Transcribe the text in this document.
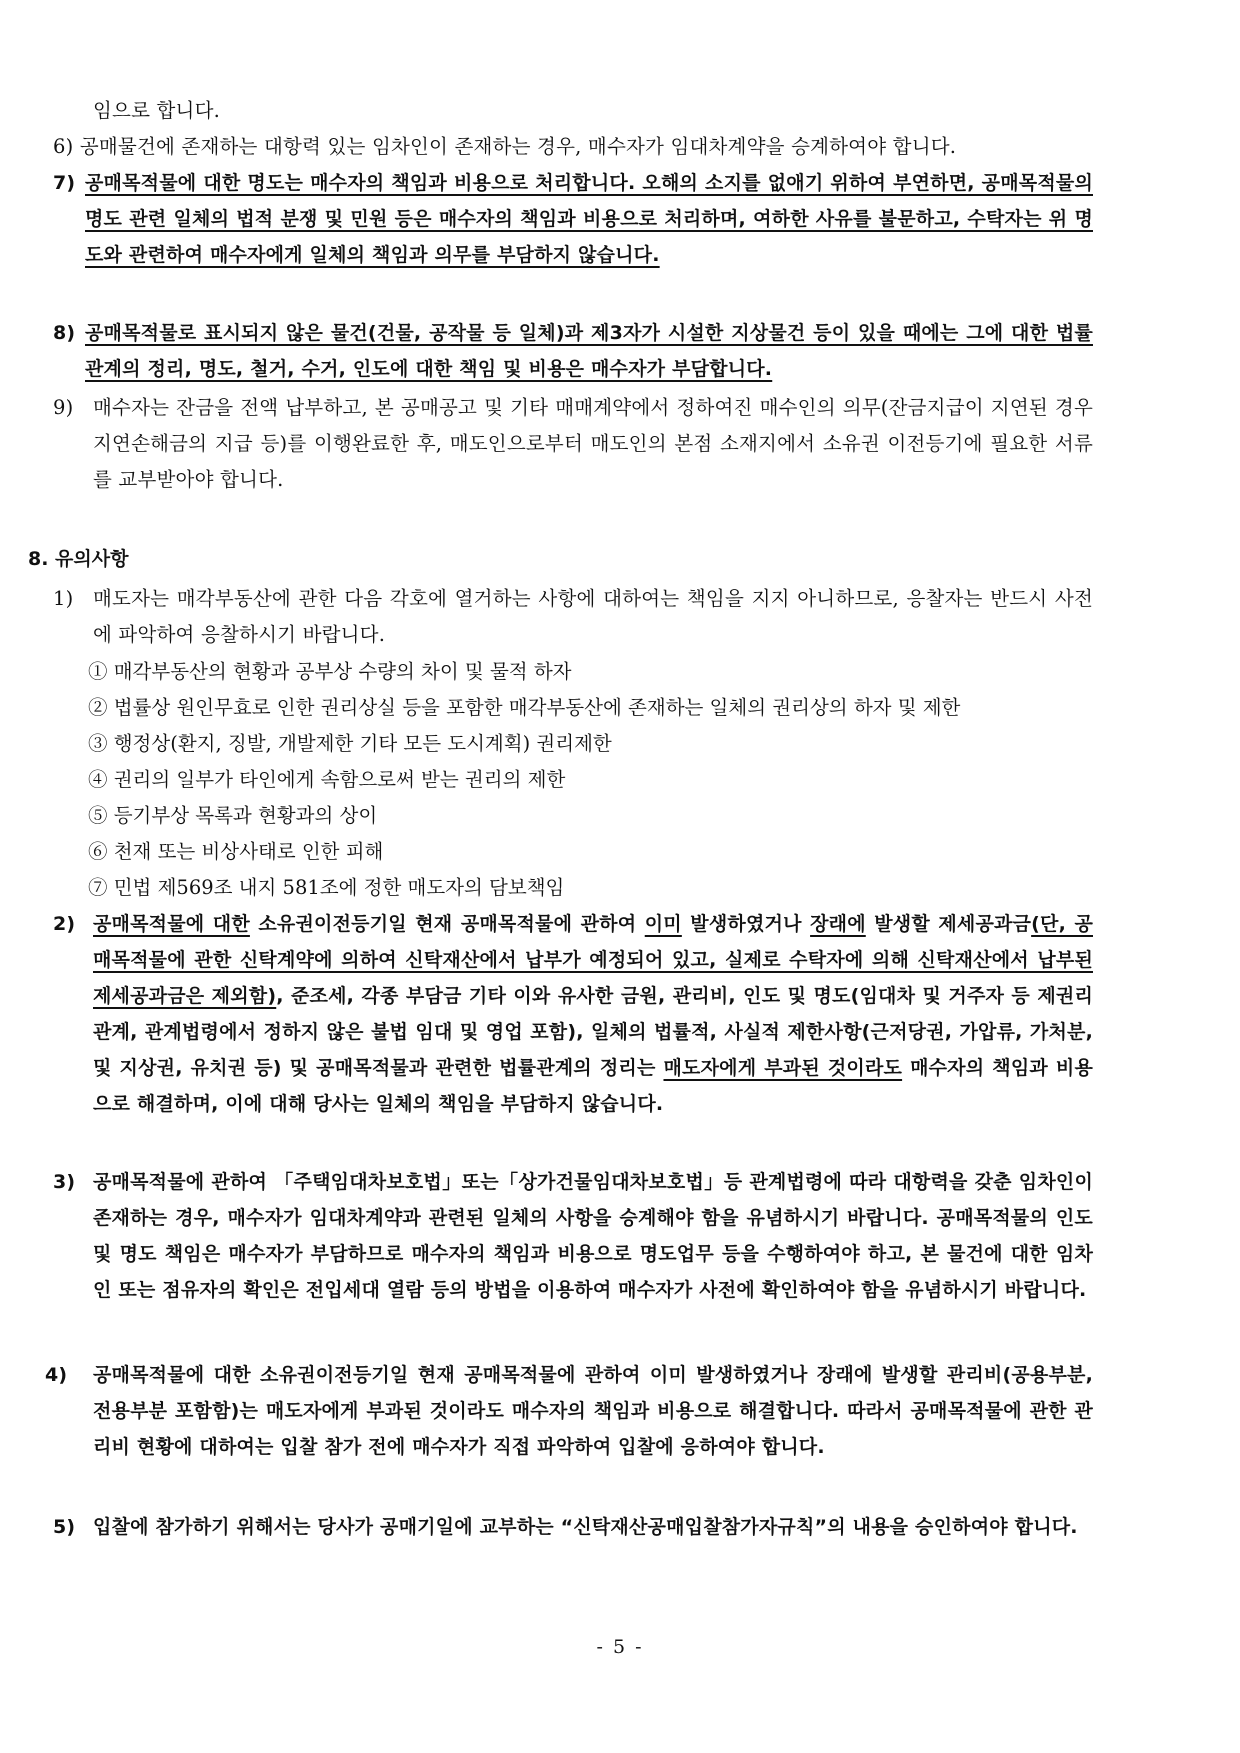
임으로 합니다.
6) 공매물건에 존재하는 대항력 있는 임차인이 존재하는 경우, 매수자가 임대차계약을 승계하여야 합니다.
7) 공매목적물에 대한 명도는 매수자의 책임과 비용으로 처리합니다. 오해의 소지를 없애기 위하여 부연하면, 공매목적물의 명도 관련 일체의 법적 분쟁 및 민원 등은 매수자의 책임과 비용으로 처리하며, 여하한 사유를 불문하고, 수탁자는 위 명도와 관련하여 매수자에게 일체의 책임과 의무를 부담하지 않습니다.
8) 공매목적물로 표시되지 않은 물건(건물, 공작물 등 일체)과 제3자가 시설한 지상물건 등이 있을 때에는 그에 대한 법률관계의 정리, 명도, 철거, 수거, 인도에 대한 책임 및 비용은 매수자가 부담합니다.
9) 매수자는 잔금을 전액 납부하고, 본 공매공고 및 기타 매매계약에서 정하여진 매수인의 의무(잔금지급이 지연된 경우 지연손해금의 지급 등)를 이행완료한 후, 매도인으로부터 매도인의 본점 소재지에서 소유권 이전등기에 필요한 서류를 교부받아야 합니다.
8. 유의사항
1) 매도자는 매각부동산에 관한 다음 각호에 열거하는 사항에 대하여는 책임을 지지 아니하므로, 응찰자는 반드시 사전에 파악하여 응찰하시기 바랍니다.
① 매각부동산의 현황과 공부상 수량의 차이 및 물적 하자
② 법률상 원인무효로 인한 권리상실 등을 포함한 매각부동산에 존재하는 일체의 권리상의 하자 및 제한
③ 행정상(환지, 징발, 개발제한 기타 모든 도시계획) 권리제한
④ 권리의 일부가 타인에게 속함으로써 받는 권리의 제한
⑤ 등기부상 목록과 현황과의 상이
⑥ 천재 또는 비상사태로 인한 피해
⑦ 민법 제569조 내지 581조에 정한 매도자의 담보책임
2) 공매목적물에 대한 소유권이전등기일 현재 공매목적물에 관하여 이미 발생하였거나 장래에 발생할 제세공과금(단, 공매목적물에 관한 신탁계약에 의하여 신탁재산에서 납부가 예정되어 있고, 실제로 수탁자에 의해 신탁재산에서 납부된 제세공과금은 제외함), 준조세, 각종 부담금 기타 이와 유사한 금원, 관리비, 인도 및 명도(임대차 및 거주자 등 제권리관계, 관계법령에서 정하지 않은 불법 임대 및 영업 포함), 일체의 법률적, 사실적 제한사항(근저당권, 가압류, 가처분, 및 지상권, 유치권 등) 및 공매목적물과 관련한 법률관계의 정리는 매도자에게 부과된 것이라도 매수자의 책임과 비용으로 해결하며, 이에 대해 당사는 일체의 책임을 부담하지 않습니다.
3) 공매목적물에 관하여 「주택임대차보호법」또는「상가건물임대차보호법」등 관계법령에 따라 대항력을 갖춘 임차인이 존재하는 경우, 매수자가 임대차계약과 관련된 일체의 사항을 승계해야 함을 유념하시기 바랍니다. 공매목적물의 인도 및 명도 책임은 매수자가 부담하므로 매수자의 책임과 비용으로 명도업무 등을 수행하여야 하고, 본 물건에 대한 임차인 또는 점유자의 확인은 전입세대 열람 등의 방법을 이용하여 매수자가 사전에 확인하여야 함을 유념하시기 바랍니다.
4) 공매목적물에 대한 소유권이전등기일 현재 공매목적물에 관하여 이미 발생하였거나 장래에 발생할 관리비(공용부분, 전용부분 포함함)는 매도자에게 부과된 것이라도 매수자의 책임과 비용으로 해결합니다. 따라서 공매목적물에 관한 관리비 현황에 대하여는 입찰 참가 전에 매수자가 직접 파악하여 입찰에 응하여야 합니다.
5) 입찰에 참가하기 위해서는 당사가 공매기일에 교부하는 “신탁재산공매입찰참가자규칙”의 내용을 승인하여야 합니다.
- 5 -
